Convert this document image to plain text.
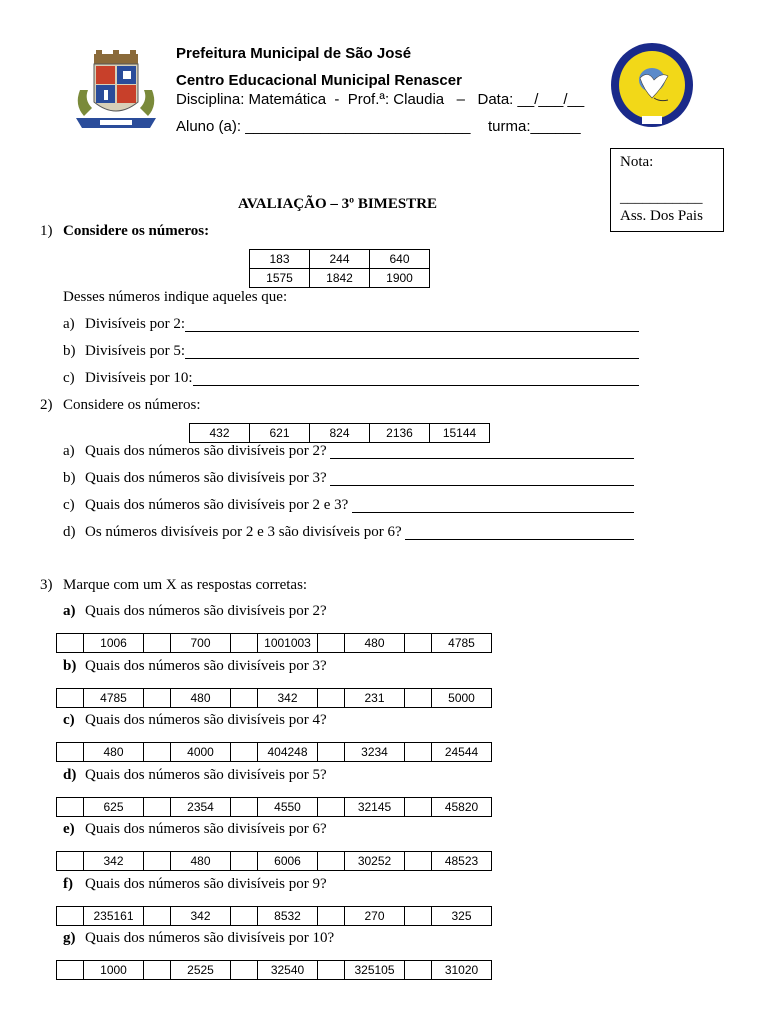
Prefeitura Municipal de São José
Centro Educacional Municipal Renascer
Disciplina: Matemática  -  Prof.ª: Claudia   –   Data: __/___/__
Aluno (a): ___________________________ turma:______
Nota:
___________
Ass. Dos Pais
AVALIAÇÃO – 3º BIMESTRE
1) Considere os números:
183	244	640
1575	1842	1900
Desses números indique aqueles que:
a) Divisíveis por 2:
b) Divisíveis por 5:
c) Divisíveis por 10:
2) Considere os números:
432	621	824	2136	15144
a) Quais dos números são divisíveis por 2?
b) Quais dos números são divisíveis por 3?
c) Quais dos números são divisíveis por 2 e 3?
d) Os números divisíveis por 2 e 3 são divisíveis por 6?
3) Marque com um X as respostas corretas:
a) Quais dos números são divisíveis por 2?
	1006		700		1001003		480		4785
b) Quais dos números são divisíveis por 3?
	4785		480		342		231		5000
c) Quais dos números são divisíveis por 4?
	480		4000		404248		3234		24544
d) Quais dos números são divisíveis por 5?
	625		2354		4550		32145		45820
e) Quais dos números são divisíveis por 6?
	342		480		6006		30252		48523
f) Quais dos números são divisíveis por 9?
	235161		342		8532		270		325
g) Quais dos números são divisíveis por 10?
	1000		2525		32540		325105		31020
